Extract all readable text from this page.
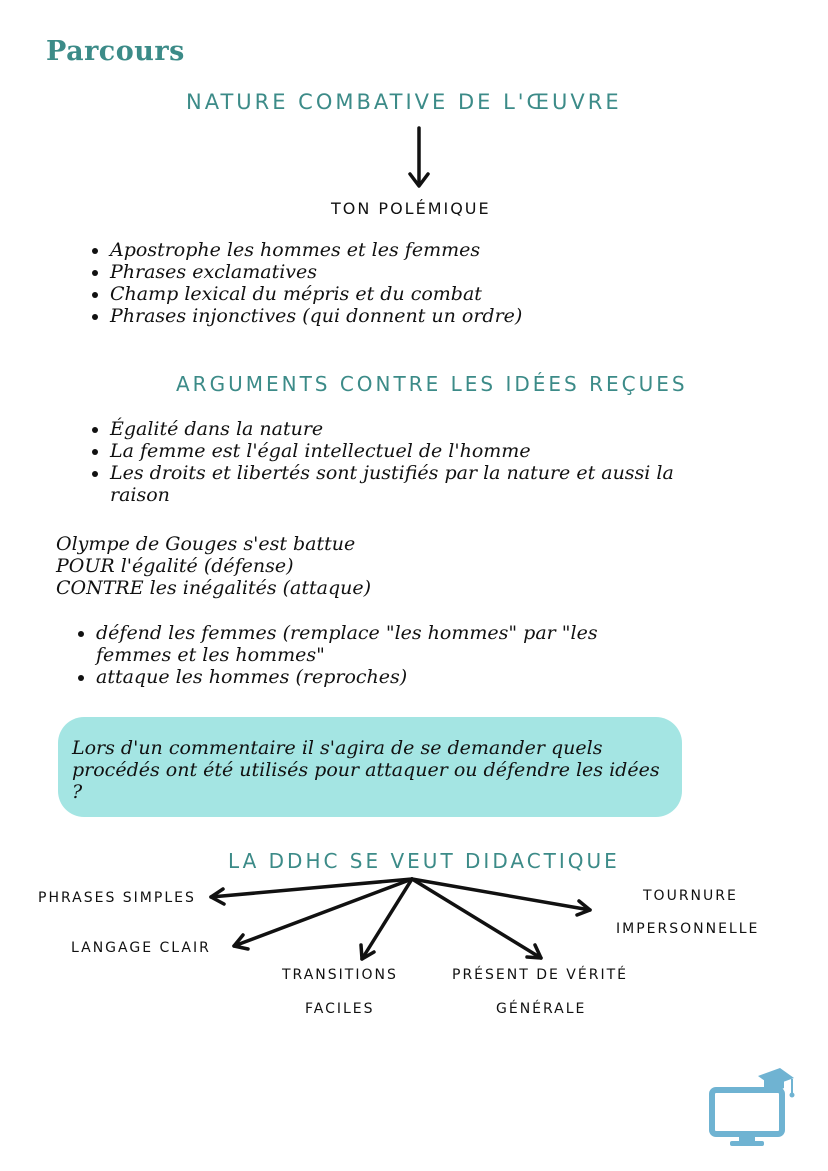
Parcours
NATURE COMBATIVE DE L'ŒUVRE
TON POLÉMIQUE
• Apostrophe les hommes et les femmes
• Phrases exclamatives
• Champ lexical du mépris et du combat
• Phrases injonctives (qui donnent un ordre)
ARGUMENTS CONTRE LES IDÉES REÇUES
• Égalité dans la nature
• La femme est l'égal intellectuel de l'homme
• Les droits et libertés sont justifiés par la nature et aussi la raison
Olympe de Gouges s'est battue
POUR l'égalité (défense)
CONTRE les inégalités (attaque)
• défend les femmes (remplace "les hommes" par "les femmes et les hommes"
• attaque les hommes (reproches)
Lors d'un commentaire il s'agira de se demander quels procédés ont été utilisés pour attaquer ou défendre les idées ?
LA DDHC SE VEUT DIDACTIQUE
PHRASES SIMPLES
LANGAGE CLAIR
TRANSITIONS
FACILES
PRÉSENT DE VÉRITÉ
GÉNÉRALE
TOURNURE
IMPERSONNELLE
